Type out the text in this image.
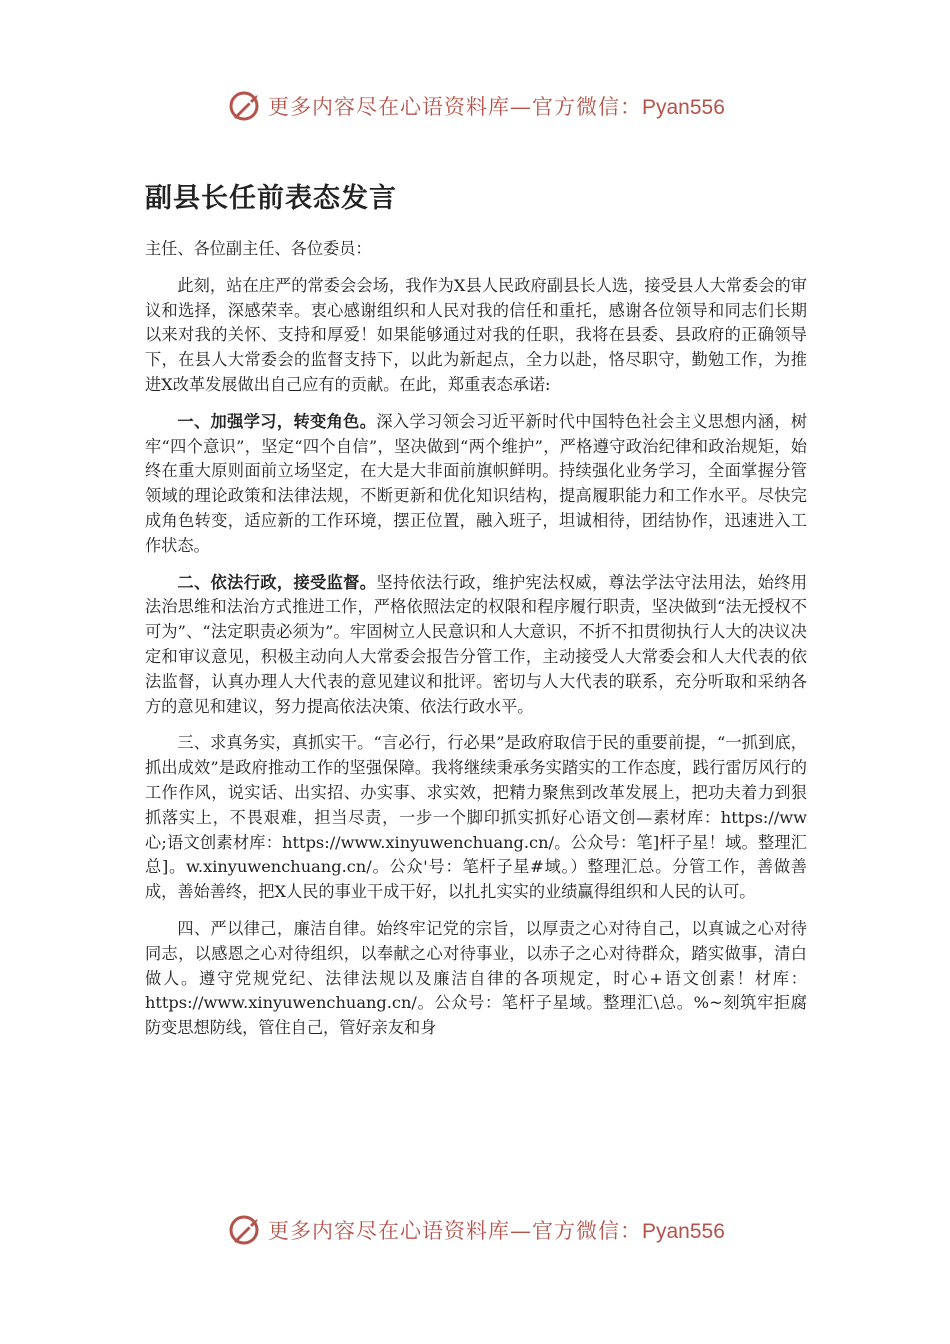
更多内容尽在心语资料库—官方微信：Pyan556
副县长任前表态发言

主任、各位副主任、各位委员：

此刻，站在庄严的常委会会场，我作为X县人民政府副县长人选，接受县人大常委会的审议和选择，深感荣幸。衷心感谢组织和人民对我的信任和重托，感谢各位领导和同志们长期以来对我的关怀、支持和厚爱！如果能够通过对我的任职，我将在县委、县政府的正确领导下，在县人大常委会的监督支持下，以此为新起点，全力以赴，恪尽职守，勤勉工作，为推进X改革发展做出自己应有的贡献。在此，郑重表态承诺:

一、加强学习，转变角色。深入学习领会习近平新时代中国特色社会主义思想内涵，树牢“四个意识”，坚定“四个自信”，坚决做到“两个维护”，严格遵守政治纪律和政治规矩，始终在重大原则面前立场坚定，在大是大非面前旗帜鲜明。持续强化业务学习，全面掌握分管领域的理论政策和法律法规，不断更新和优化知识结构，提高履职能力和工作水平。尽快完成角色转变，适应新的工作环境，摆正位置，融入班子，坦诚相待，团结协作，迅速进入工作状态。

二、依法行政，接受监督。坚持依法行政，维护宪法权威，尊法学法守法用法，始终用法治思维和法治方式推进工作，严格依照法定的权限和程序履行职责，坚决做到“法无授权不可为”、“法定职责必须为”。牢固树立人民意识和人大意识，不折不扣贯彻执行人大的决议决定和审议意见，积极主动向人大常委会报告分管工作，主动接受人大常委会和人大代表的依法监督，认真办理人大代表的意见建议和批评。密切与人大代表的联系，充分听取和采纳各方的意见和建议，努力提高依法决策、依法行政水平。

三、求真务实，真抓实干。“言必行，行必果”是政府取信于民的重要前提，“一抓到底，抓出成效”是政府推动工作的坚强保障。我将继续秉承务实踏实的工作态度，践行雷厉风行的工作作风，说实话、出实招、办实事、求实效，把精力聚焦到改革发展上，把功夫着力到狠抓落实上，不畏艰难，担当尽责，一步一个脚印抓实抓好心语文创—素材库：https://ww 心;语文创素材库：https://www.xinyuwenchuang.cn/。公众号：笔]杆子星！域。整理汇总]。w.xinyuwenchuang.cn/。公众'号：笔杆子星#域。）整理汇总。分管工作，善做善成，善始善终，把X人民的事业干成干好，以扎扎实实的业绩赢得组织和人民的认可。

四、严以律己，廉洁自律。始终牢记党的宗旨，以厚责之心对待自己，以真诚之心对待同志，以感恩之心对待组织，以奉献之心对待事业，以赤子之心对待群众，踏实做事，清白做人。遵守党规党纪、法律法规以及廉洁自律的各项规定，时心+语文创素！材库：https://www.xinyuwenchuang.cn/。公众号：笔杆子星域。整理汇\总。%~刻筑牢拒腐防变思想防线，管住自己，管好亲友和身

更多内容尽在心语资料库—官方微信：Pyan556
